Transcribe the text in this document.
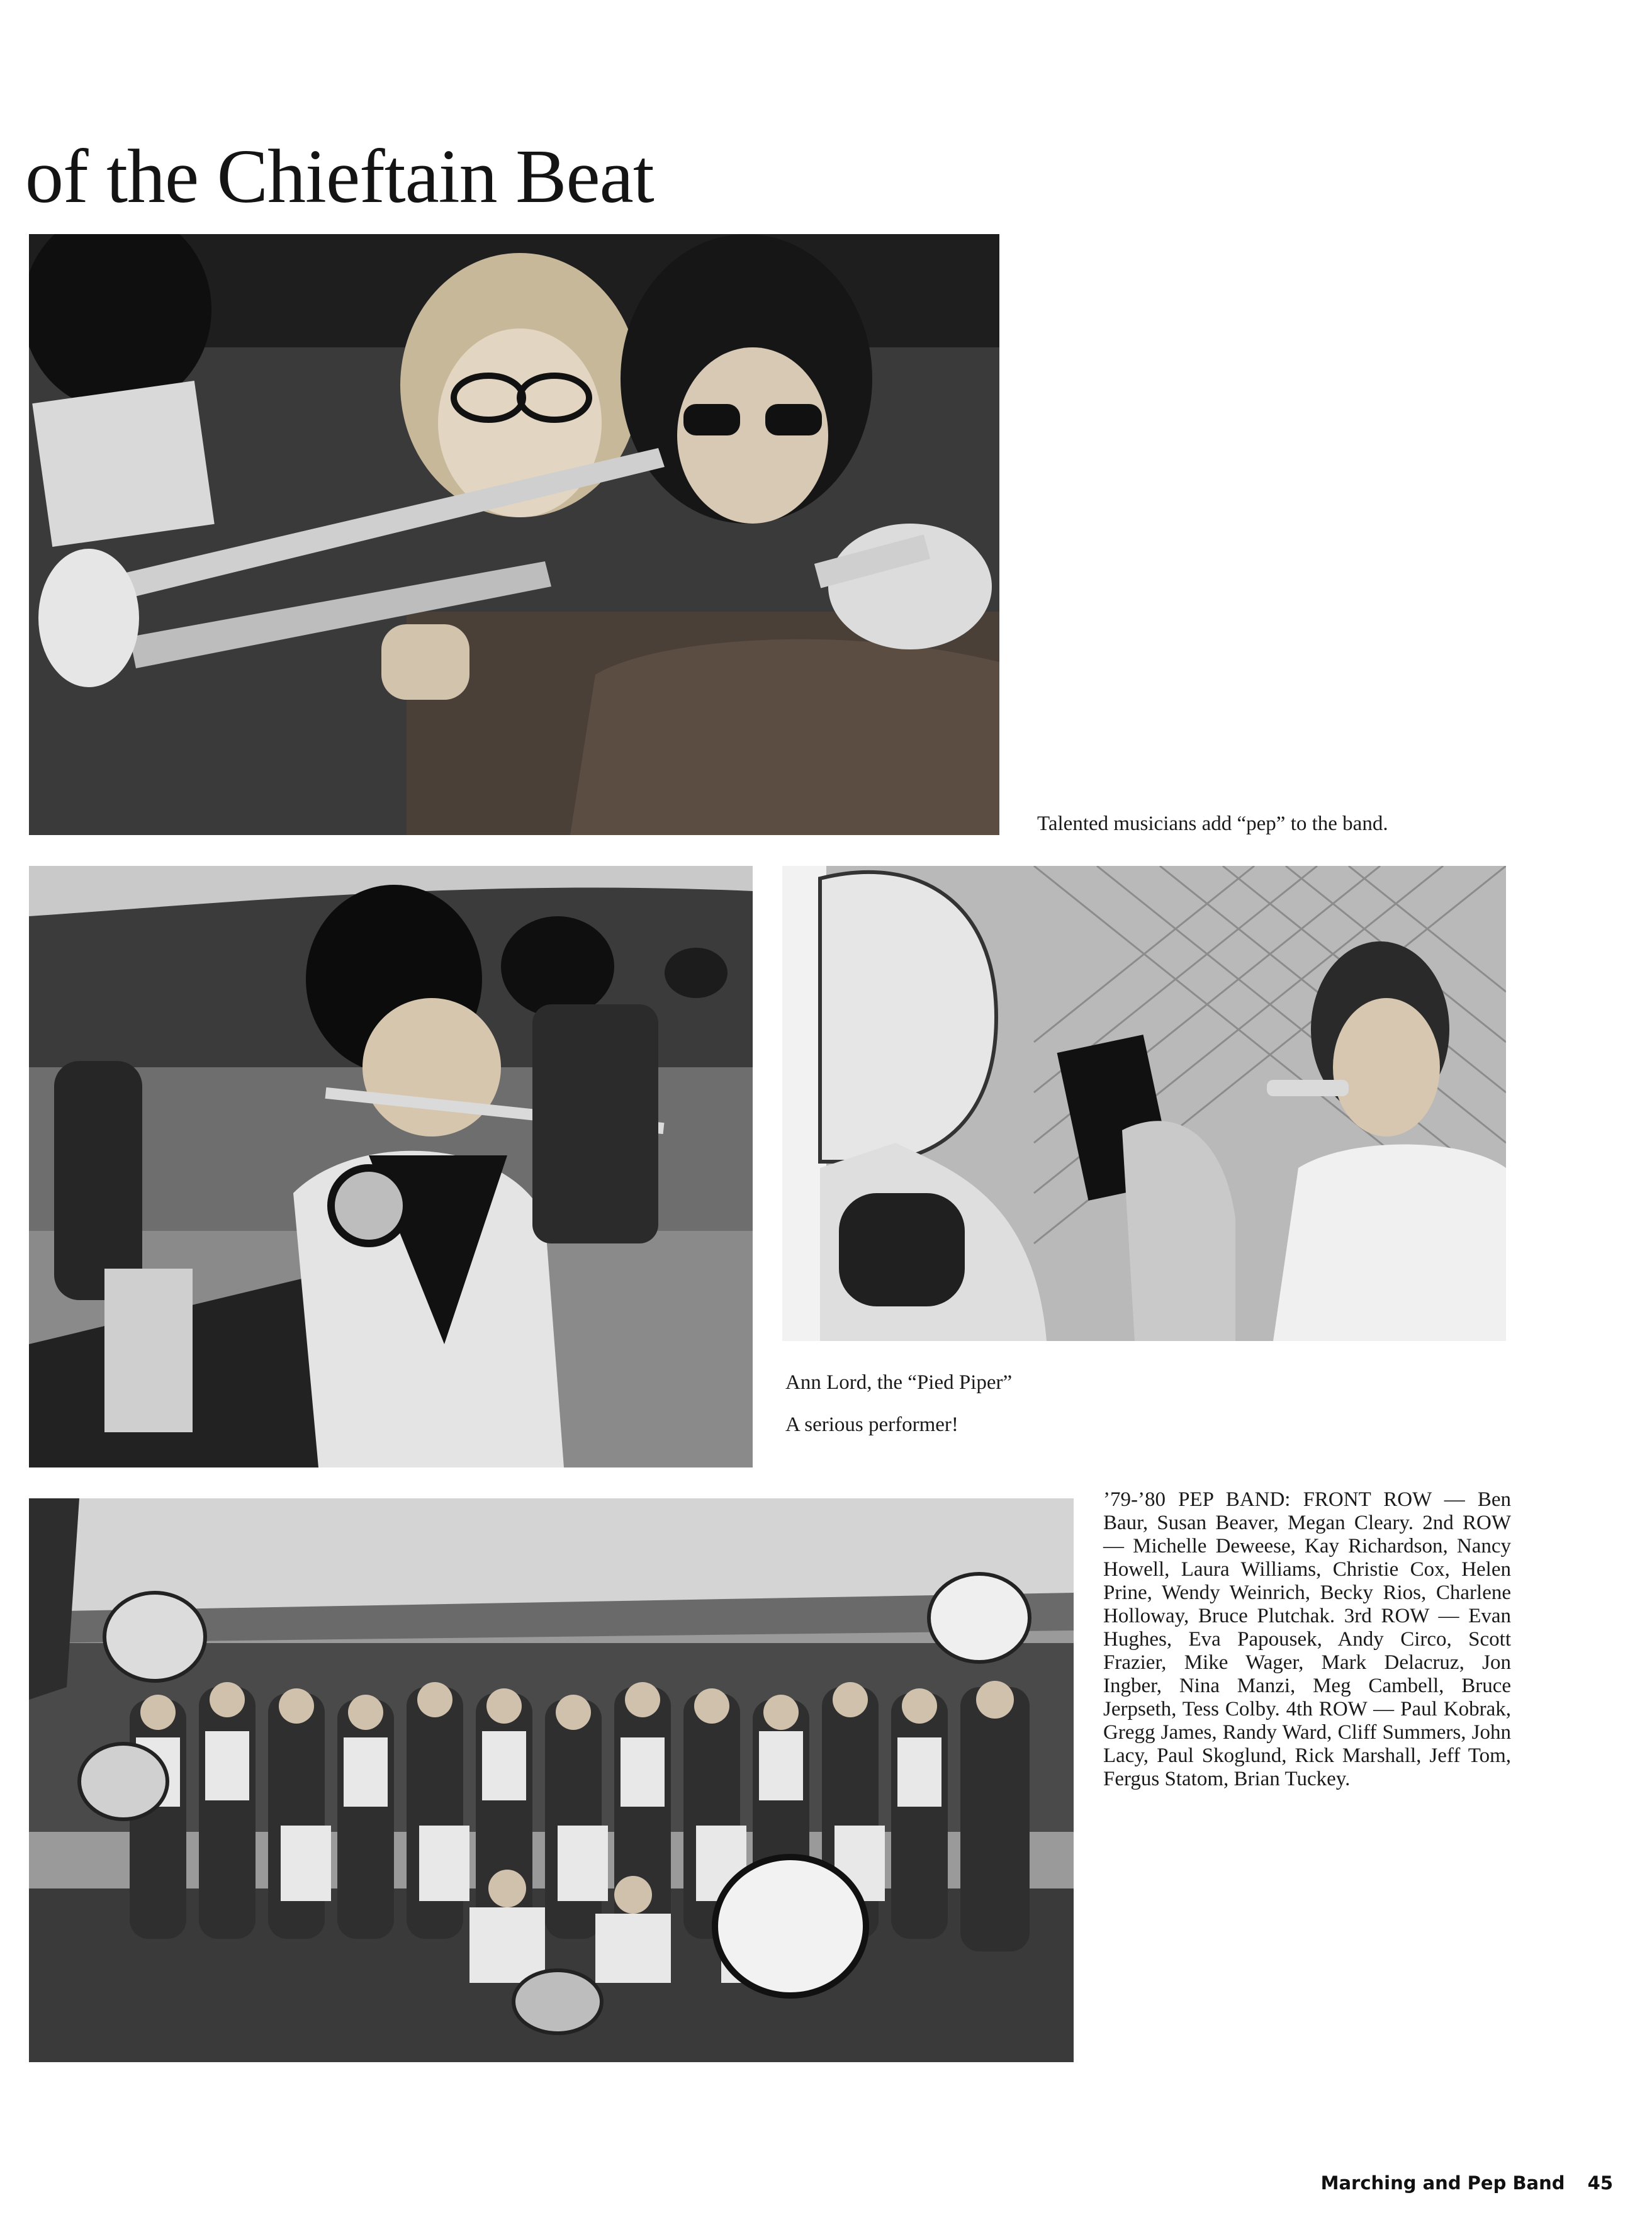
of the Chieftain Beat
Talented musicians add “pep” to the band.
Ann Lord, the “Pied Piper”
A serious performer!
’79-’80 PEP BAND: FRONT ROW — Ben Baur, Susan Beaver, Megan Cleary. 2nd ROW — Michelle Deweese, Kay Richardson, Nancy Howell, Laura Williams, Christie Cox, Helen Prine, Wendy Weinrich, Becky Rios, Charlene Holloway, Bruce Plutchak. 3rd ROW — Evan Hughes, Eva Papousek, Andy Circo, Scott Frazier, Mike Wager, Mark Delacruz, Jon Ingber, Nina Manzi, Meg Cambell, Bruce Jerpseth, Tess Colby. 4th ROW — Paul Kobrak, Gregg James, Randy Ward, Cliff Summers, John Lacy, Paul Skoglund, Rick Marshall, Jeff Tom, Fergus Statom, Brian Tuckey.
Marching and Pep Band 45
